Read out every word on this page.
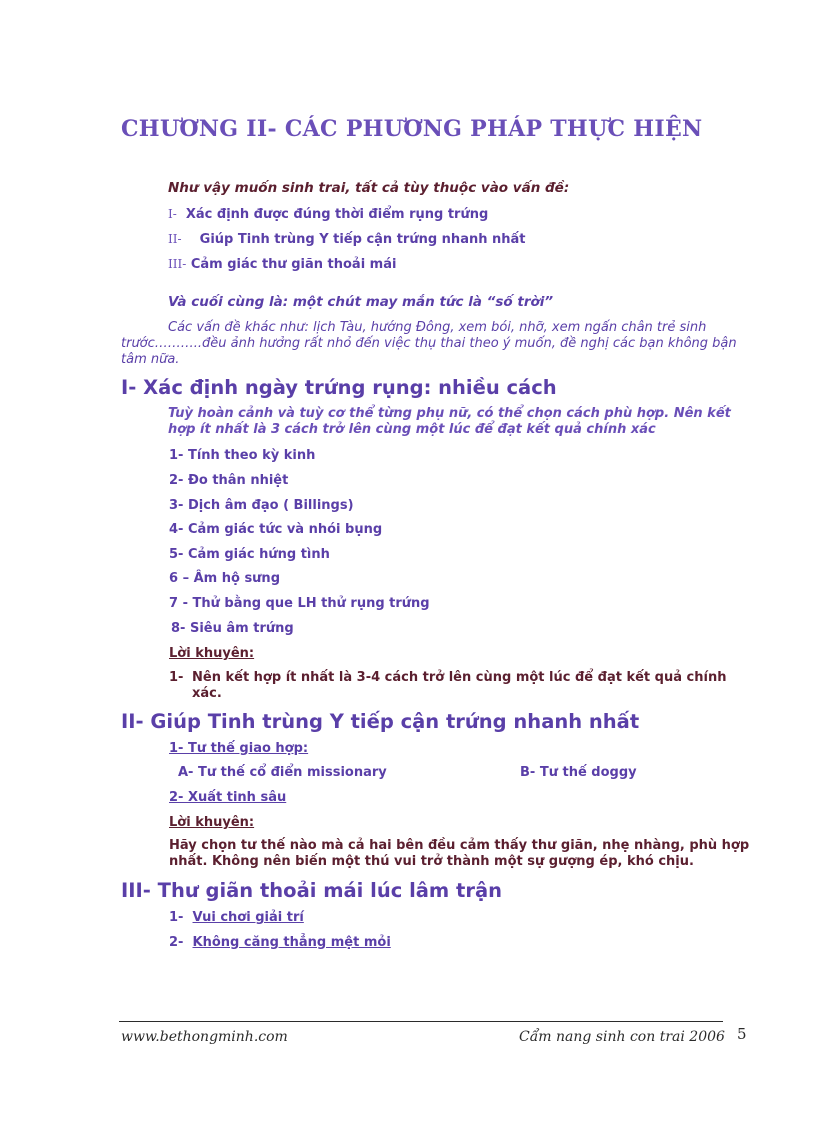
CHƯƠNG II- CÁC PHƯƠNG PHÁP THỰC HIỆN
Như vậy muốn sinh trai, tất cả tùy thuộc vào vấn đề:
I- Xác định được đúng thời điểm rụng trứng
II- Giúp Tinh trùng Y tiếp cận trứng nhanh nhất
III- Cảm giác thư giãn thoải mái
Và cuối cùng là: một chút may mắn tức là “số trời”
Các vấn đề khác như: lịch Tàu, hướng Đông, xem bói, nhỡ, xem ngấn chân trẻ sinh trước………..đều ảnh hưởng rất nhỏ đến việc thụ thai theo ý muốn, đề nghị các bạn không bận tâm nữa.
I- Xác định ngày trứng rụng: nhiều cách
Tuỳ hoàn cảnh và tuỳ cơ thể từng phụ nữ, có thể chọn cách phù hợp. Nên kết hợp ít nhất là 3 cách trở lên cùng một lúc để đạt kết quả chính xác
1- Tính theo kỳ kinh
2- Đo thân nhiệt
3- Dịch âm đạo ( Billings)
4- Cảm giác tức và nhói bụng
5- Cảm giác hứng tình
6 – Âm hộ sưng
7 - Thử bằng que LH thử rụng trứng
8- Siêu âm trứng
Lời khuyên:
1- Nên kết hợp ít nhất là 3-4 cách trở lên cùng một lúc để đạt kết quả chính xác.
II- Giúp Tinh trùng Y tiếp cận trứng nhanh nhất
1- Tư thế giao hợp:
A- Tư thế cổ điển missionary	B- Tư thế doggy
2- Xuất tinh sâu
Lời khuyên:
Hãy chọn tư thế nào mà cả hai bên đều cảm thấy thư giãn, nhẹ nhàng, phù hợp nhất. Không nên biến một thú vui trở thành một sự gượng ép, khó chịu.
III- Thư giãn thoải mái lúc lâm trận
1- Vui chơi giải trí
2- Không căng thẳng mệt mỏi
www.bethongminh.com	Cẩm nang sinh con trai 2006 5
